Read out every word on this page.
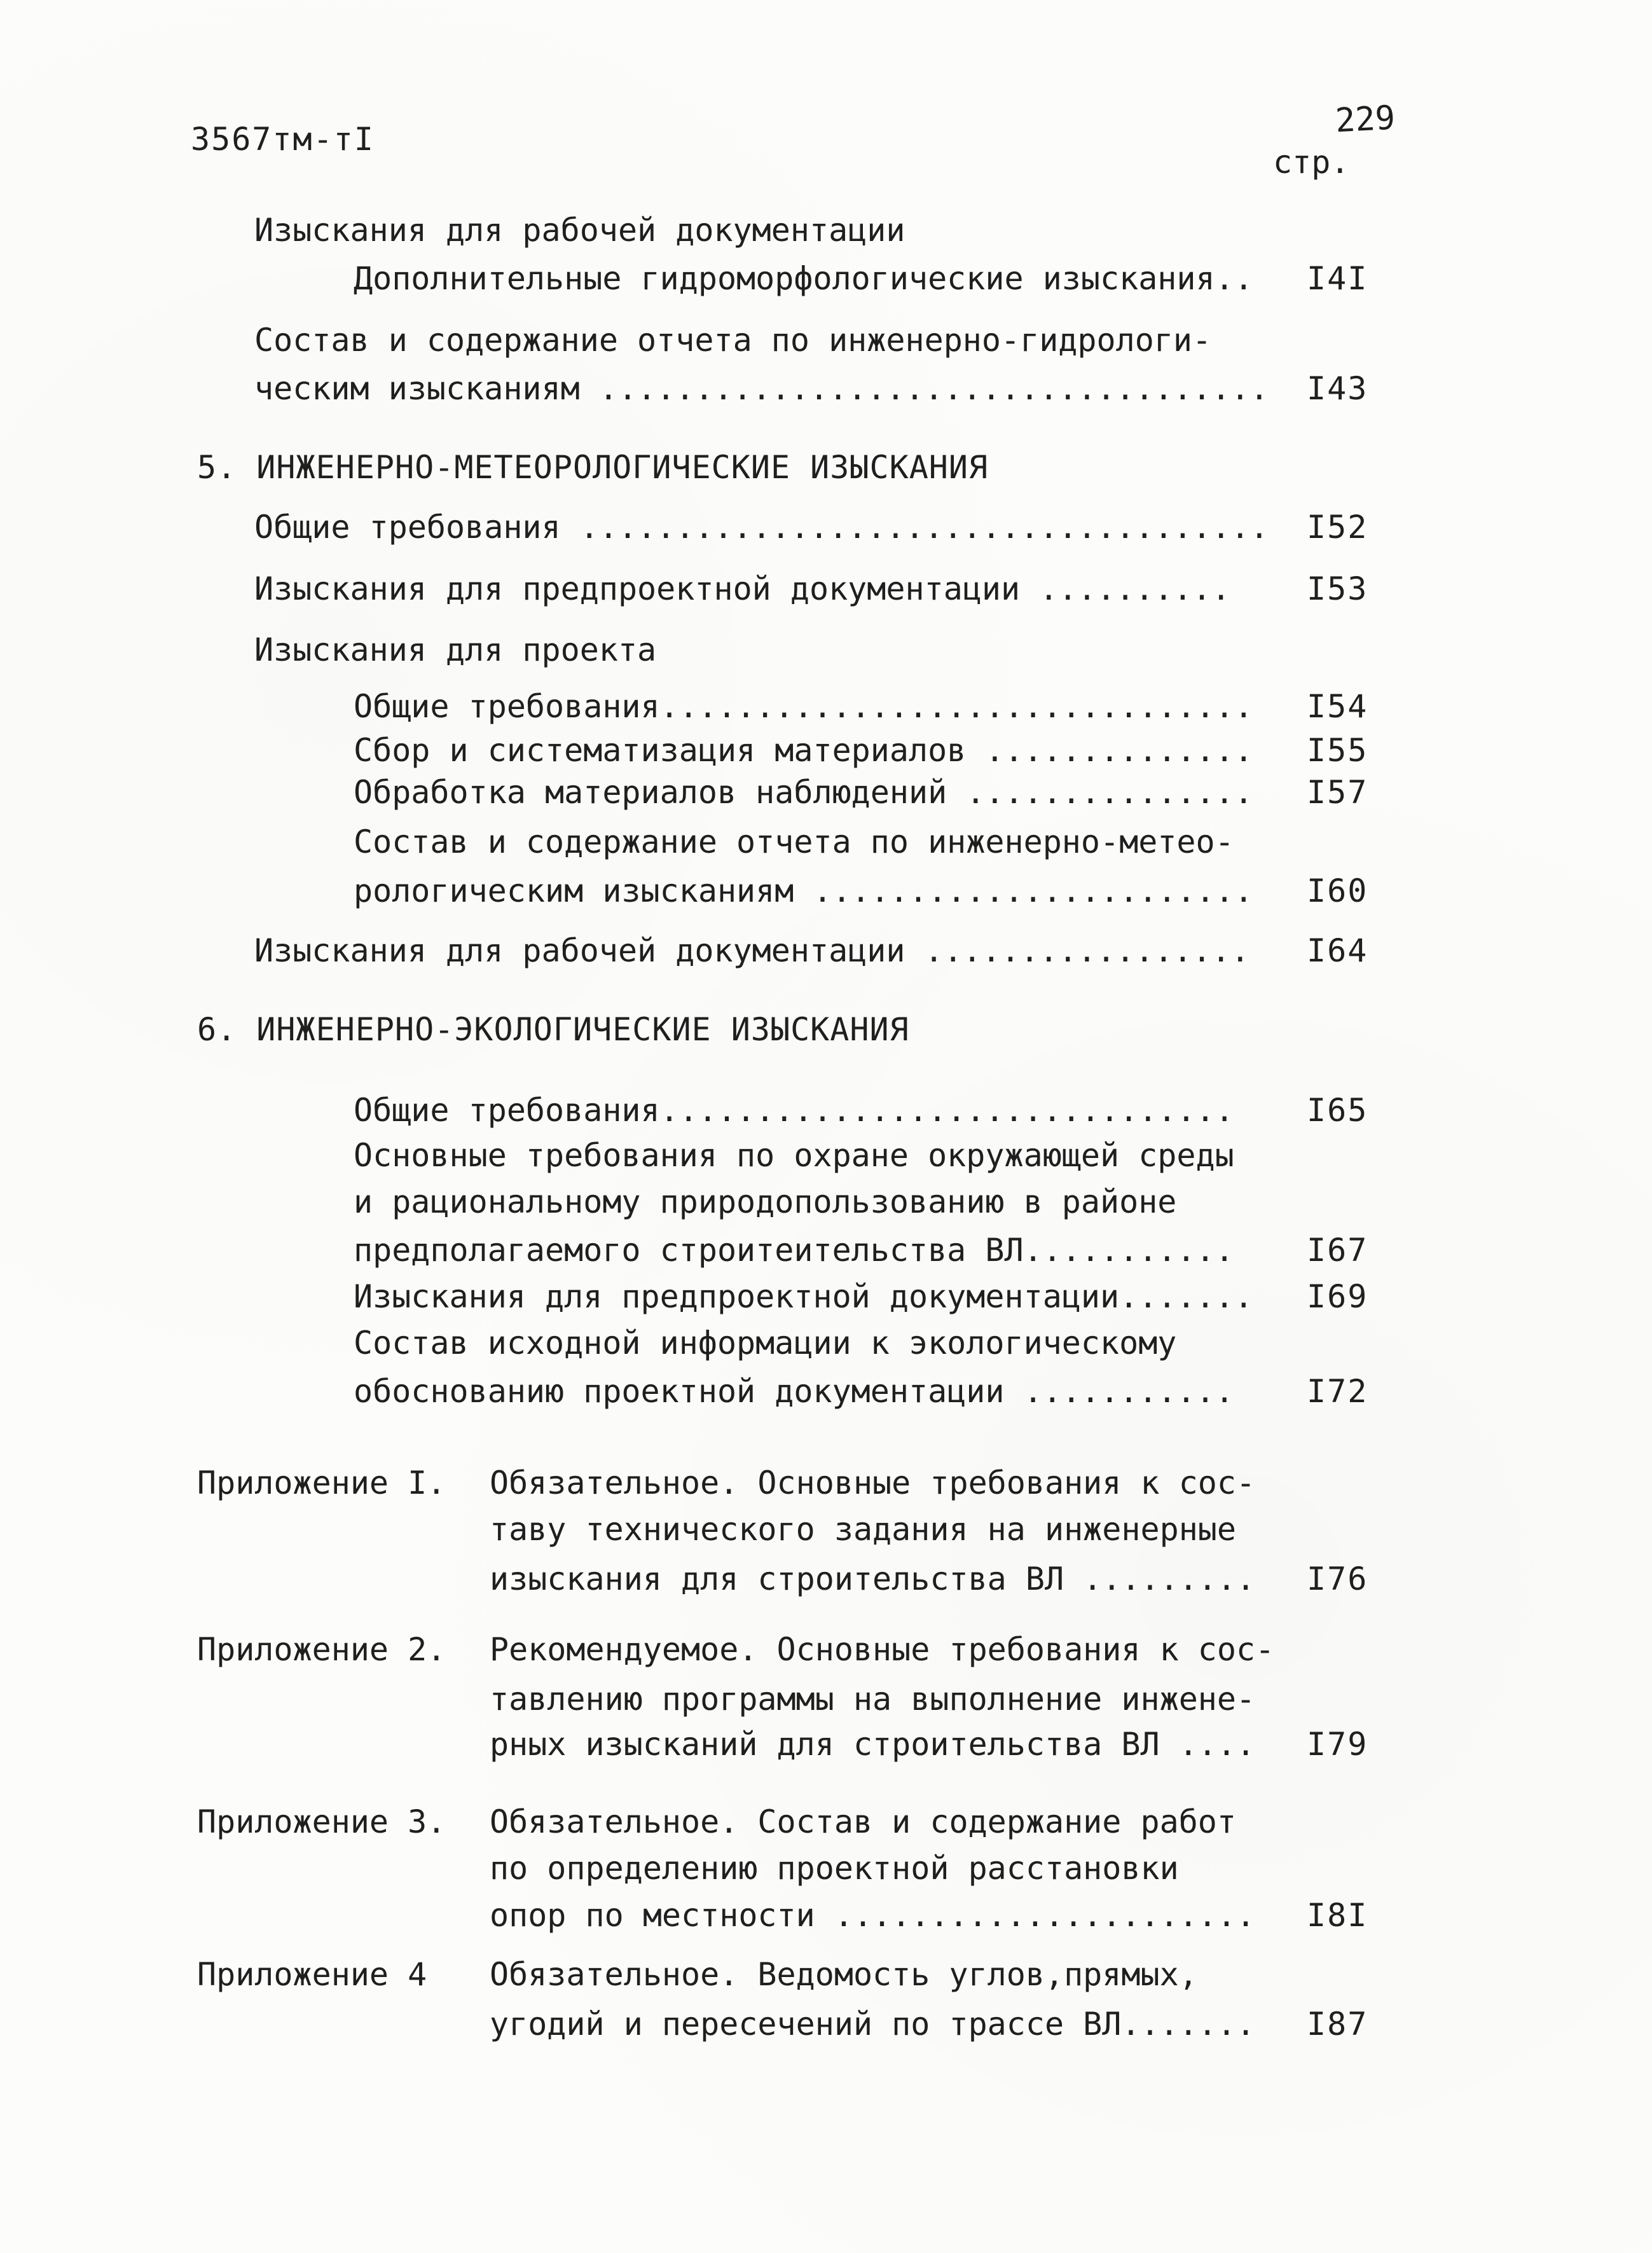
3567тм-тI	229
стр.

Изыскания для рабочей документации

Дополнительные гидроморфологические изыскания..

I4I

Состав и содержание отчета по инженерно-гидрологи-

ческим изысканиям ...................................

I43

5. ИНЖЕНЕРНО-МЕТЕОРОЛОГИЧЕСКИЕ ИЗЫСКАНИЯ

Общие требования ....................................

I52

Изыскания для предпроектной документации ..........

I53

Изыскания для проекта

Общие требования...............................

I54

Сбор и систематизация материалов ..............

I55

Обработка материалов наблюдений ...............

I57

Состав и содержание отчета по инженерно-метео-

рологическим изысканиям .......................

I60

Изыскания для рабочей документации .................

I64

6. ИНЖЕНЕРНО-ЭКОЛОГИЧЕСКИЕ ИЗЫСКАНИЯ

Общие требования..............................

I65

Основные требования по охране окружающей среды

и рациональному природопользованию в районе

предполагаемого строитеительства ВЛ...........

I67

Изыскания для предпроектной документации.......

I69

Состав исходной информации к экологическому

обоснованию проектной документации ...........

I72

Приложение I.

Обязательное. Основные требования к сос-

таву технического задания на инженерные

изыскания для строительства ВЛ .........

I76

Приложение 2.

Рекомендуемое. Основные требования к сос-

тавлению программы на выполнение инжене-

рных изысканий для строительства ВЛ ....

I79

Приложение 3.

Обязательное. Состав и содержание работ

по определению проектной расстановки

опор по местности ......................

I8I

Приложение 4

Обязательное. Ведомость углов,прямых,

угодий и пересечений по трассе ВЛ.......

I87
